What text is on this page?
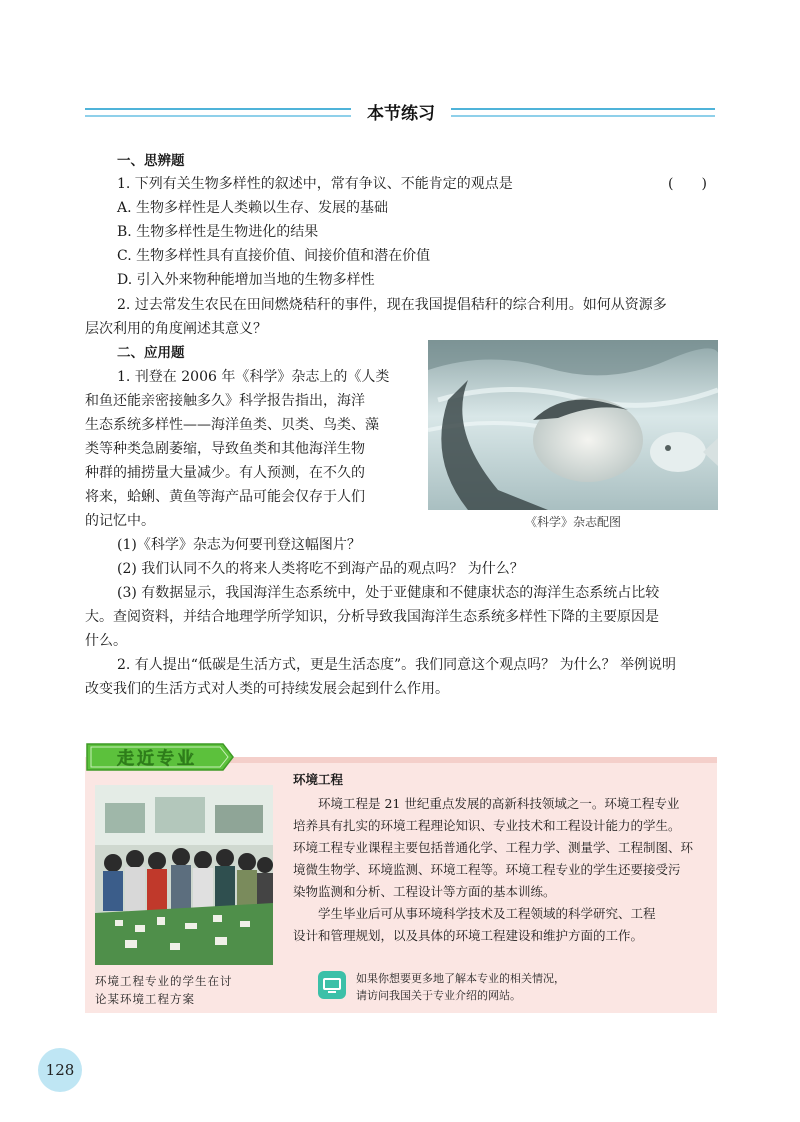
本节练习
一、思辨题
1. 下列有关生物多样性的叙述中，常有争议、不能肯定的观点是	(　　)
A. 生物多样性是人类赖以生存、发展的基础
B. 生物多样性是生物进化的结果
C. 生物多样性具有直接价值、间接价值和潜在价值
D. 引入外来物种能增加当地的生物多样性
2. 过去常发生农民在田间燃烧秸秆的事件，现在我国提倡秸秆的综合利用。如何从资源多
层次利用的角度阐述其意义？
二、应用题
1. 刊登在 2006 年《科学》杂志上的《人类
和鱼还能亲密接触多久》科学报告指出，海洋
生态系统多样性——海洋鱼类、贝类、鸟类、藻
类等种类急剧萎缩，导致鱼类和其他海洋生物
种群的捕捞量大量减少。有人预测，在不久的
将来，蛤蜊、黄鱼等海产品可能会仅存于人们
的记忆中。	《科学》杂志配图
(1)《科学》杂志为何要刊登这幅图片？
(2) 我们认同不久的将来人类将吃不到海产品的观点吗？ 为什么？
(3) 有数据显示，我国海洋生态系统中，处于亚健康和不健康状态的海洋生态系统占比较
大。查阅资料，并结合地理学所学知识，分析导致我国海洋生态系统多样性下降的主要原因是
什么。
2. 有人提出“低碳是生活方式，更是生活态度”。我们同意这个观点吗？ 为什么？ 举例说明
改变我们的生活方式对人类的可持续发展会起到什么作用。
走近专业
环境工程专业的学生在讨
论某环境工程方案
环境工程
环境工程是 21 世纪重点发展的高新科技领域之一。环境工程专业
培养具有扎实的环境工程理论知识、专业技术和工程设计能力的学生。
环境工程专业课程主要包括普通化学、工程力学、测量学、工程制图、环
境微生物学、环境监测、环境工程等。环境工程专业的学生还要接受污
染物监测和分析、工程设计等方面的基本训练。
学生毕业后可从事环境科学技术及工程领域的科学研究、工程
设计和管理规划，以及具体的环境工程建设和维护方面的工作。
如果你想要更多地了解本专业的相关情况，
请访问我国关于专业介绍的网站。
128
